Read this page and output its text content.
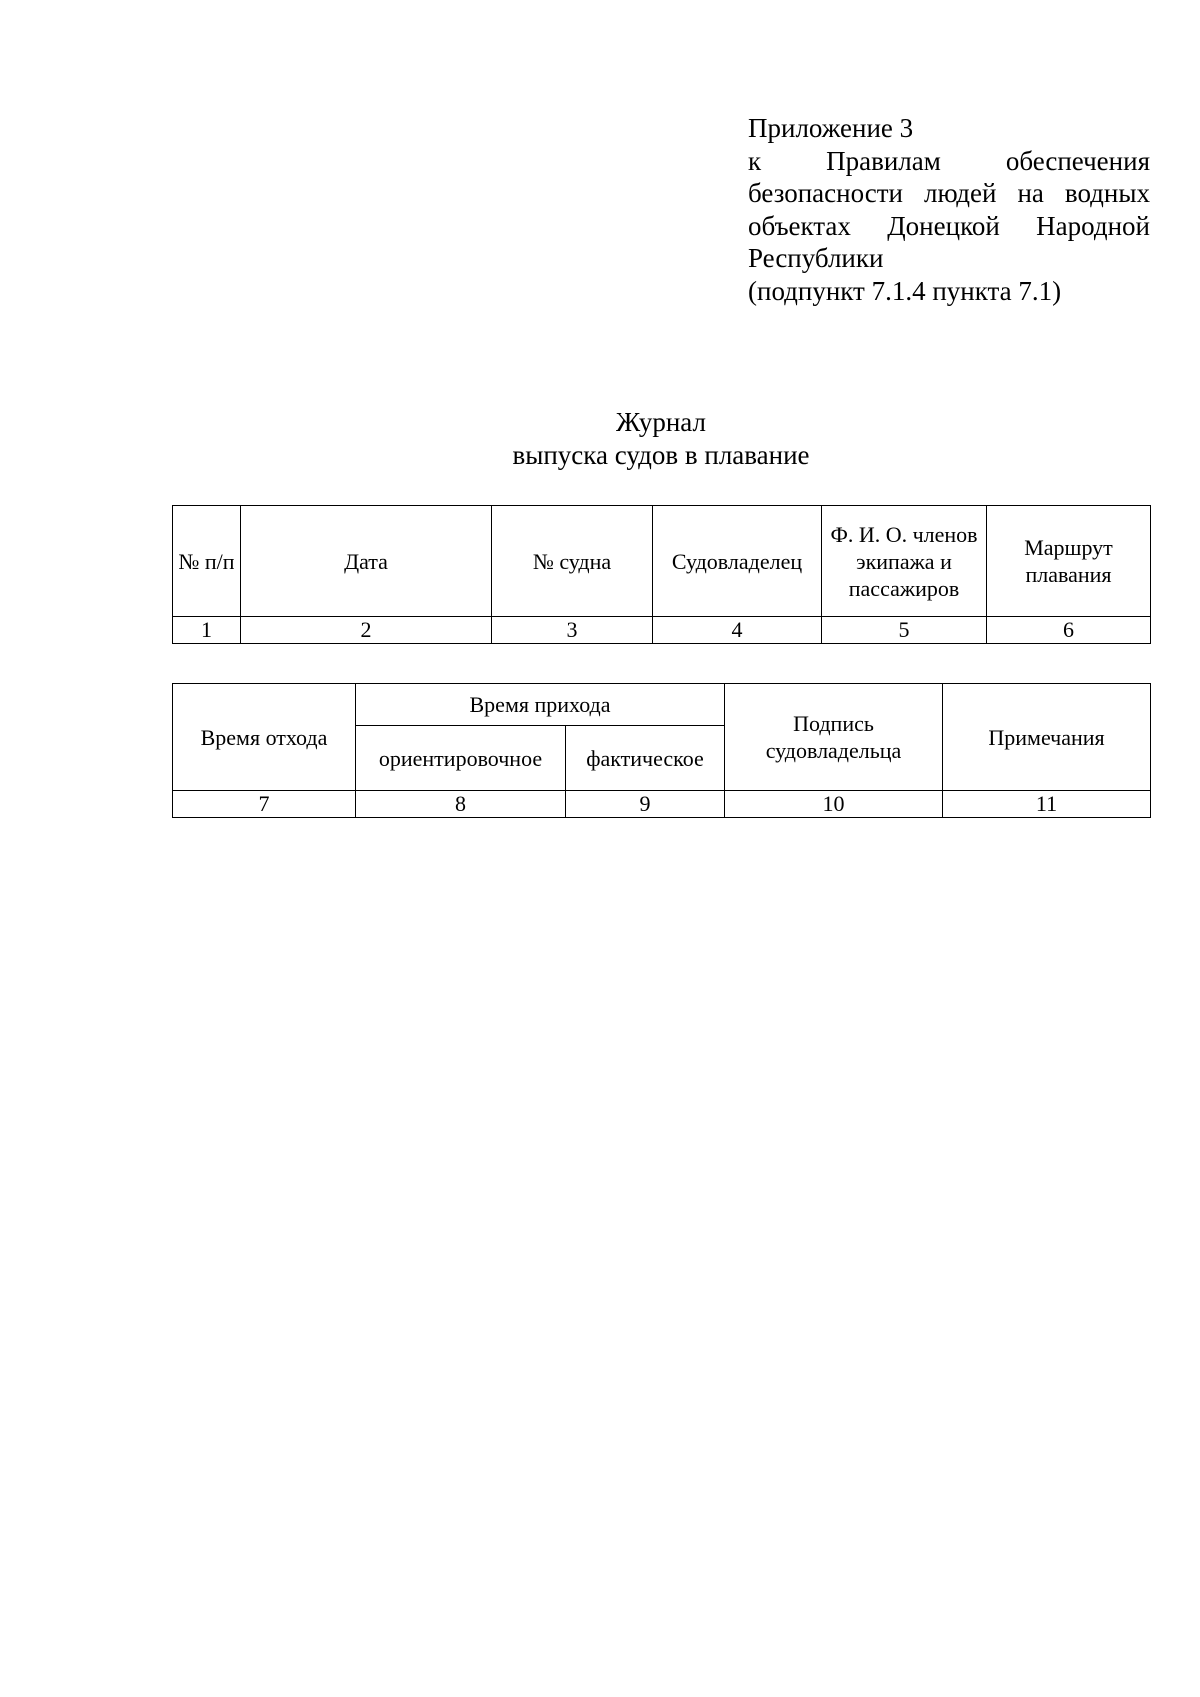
Приложение 3
к Правилам обеспечения
безопасности людей на водных
объектах Донецкой Народной
Республики
(подпункт 7.1.4 пункта 7.1)
Журнал
выпуска судов в плавание
№ п/п	Дата	№ судна	Судовладелец	Ф. И. О. членов экипажа и пассажиров	Маршрут плавания
1	2	3	4	5	6
Время отхода	Время прихода		Подпись судовладельца	Примечания
	ориентировочное	фактическое		
7	8	9	10	11
